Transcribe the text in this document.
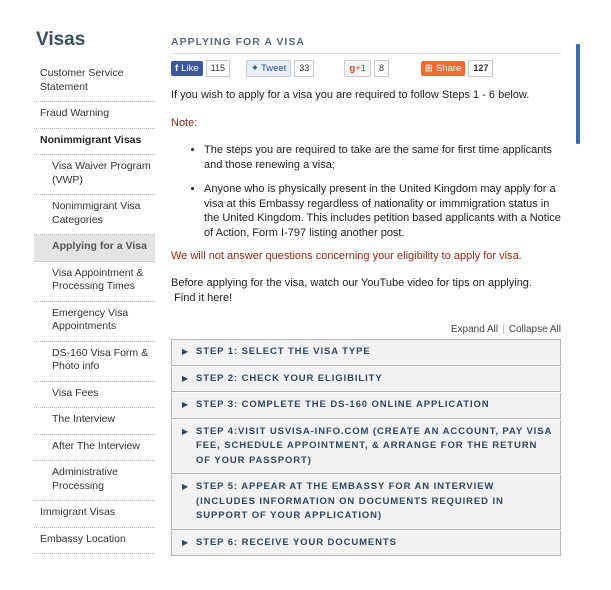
Visas
Customer Service Statement
Fraud Warning
Nonimmigrant Visas
Visa Waiver Program (VWP)
Nonimmigrant Visa Categories
Applying for a Visa
Visa Appointment & Processing Times
Emergency Visa Appointments
DS-160 Visa Form & Photo info
Visa Fees
The Interview
After The Interview
Administrative Processing
Immigrant Visas
Embassy Location
APPLYING FOR A VISA
f Like	115	✦ Tweet	33	g +1	8	⊞ Share	127

If you wish to apply for a visa you are required to follow Steps 1 - 6 below.

Note:

• The steps you are required to take are the same for first time applicants and those renewing a visa;
• Anyone who is physically present in the United Kingdom may apply for a visa at this Embassy regardless of nationality or immmigration status in the United Kingdom. This includes petition based applicants with a Notice of Action, Form I-797 listing another post.

We will not answer questions concerning your eligibility to apply for visa.

Before applying for the visa, watch our YouTube video for tips on applying.
Find it here!

Expand All | Collapse All
▶ STEP 1: SELECT THE VISA TYPE
▶ STEP 2: CHECK YOUR ELIGIBILITY
▶ STEP 3: COMPLETE THE DS-160 ONLINE APPLICATION
▶ STEP 4:VISIT USVISA-INFO.COM (CREATE AN ACCOUNT, PAY VISA FEE, SCHEDULE APPOINTMENT, & ARRANGE FOR THE RETURN OF YOUR PASSPORT)
▶ STEP 5: APPEAR AT THE EMBASSY FOR AN INTERVIEW (INCLUDES INFORMATION ON DOCUMENTS REQUIRED IN SUPPORT OF YOUR APPLICATION)
▶ STEP 6: RECEIVE YOUR DOCUMENTS
